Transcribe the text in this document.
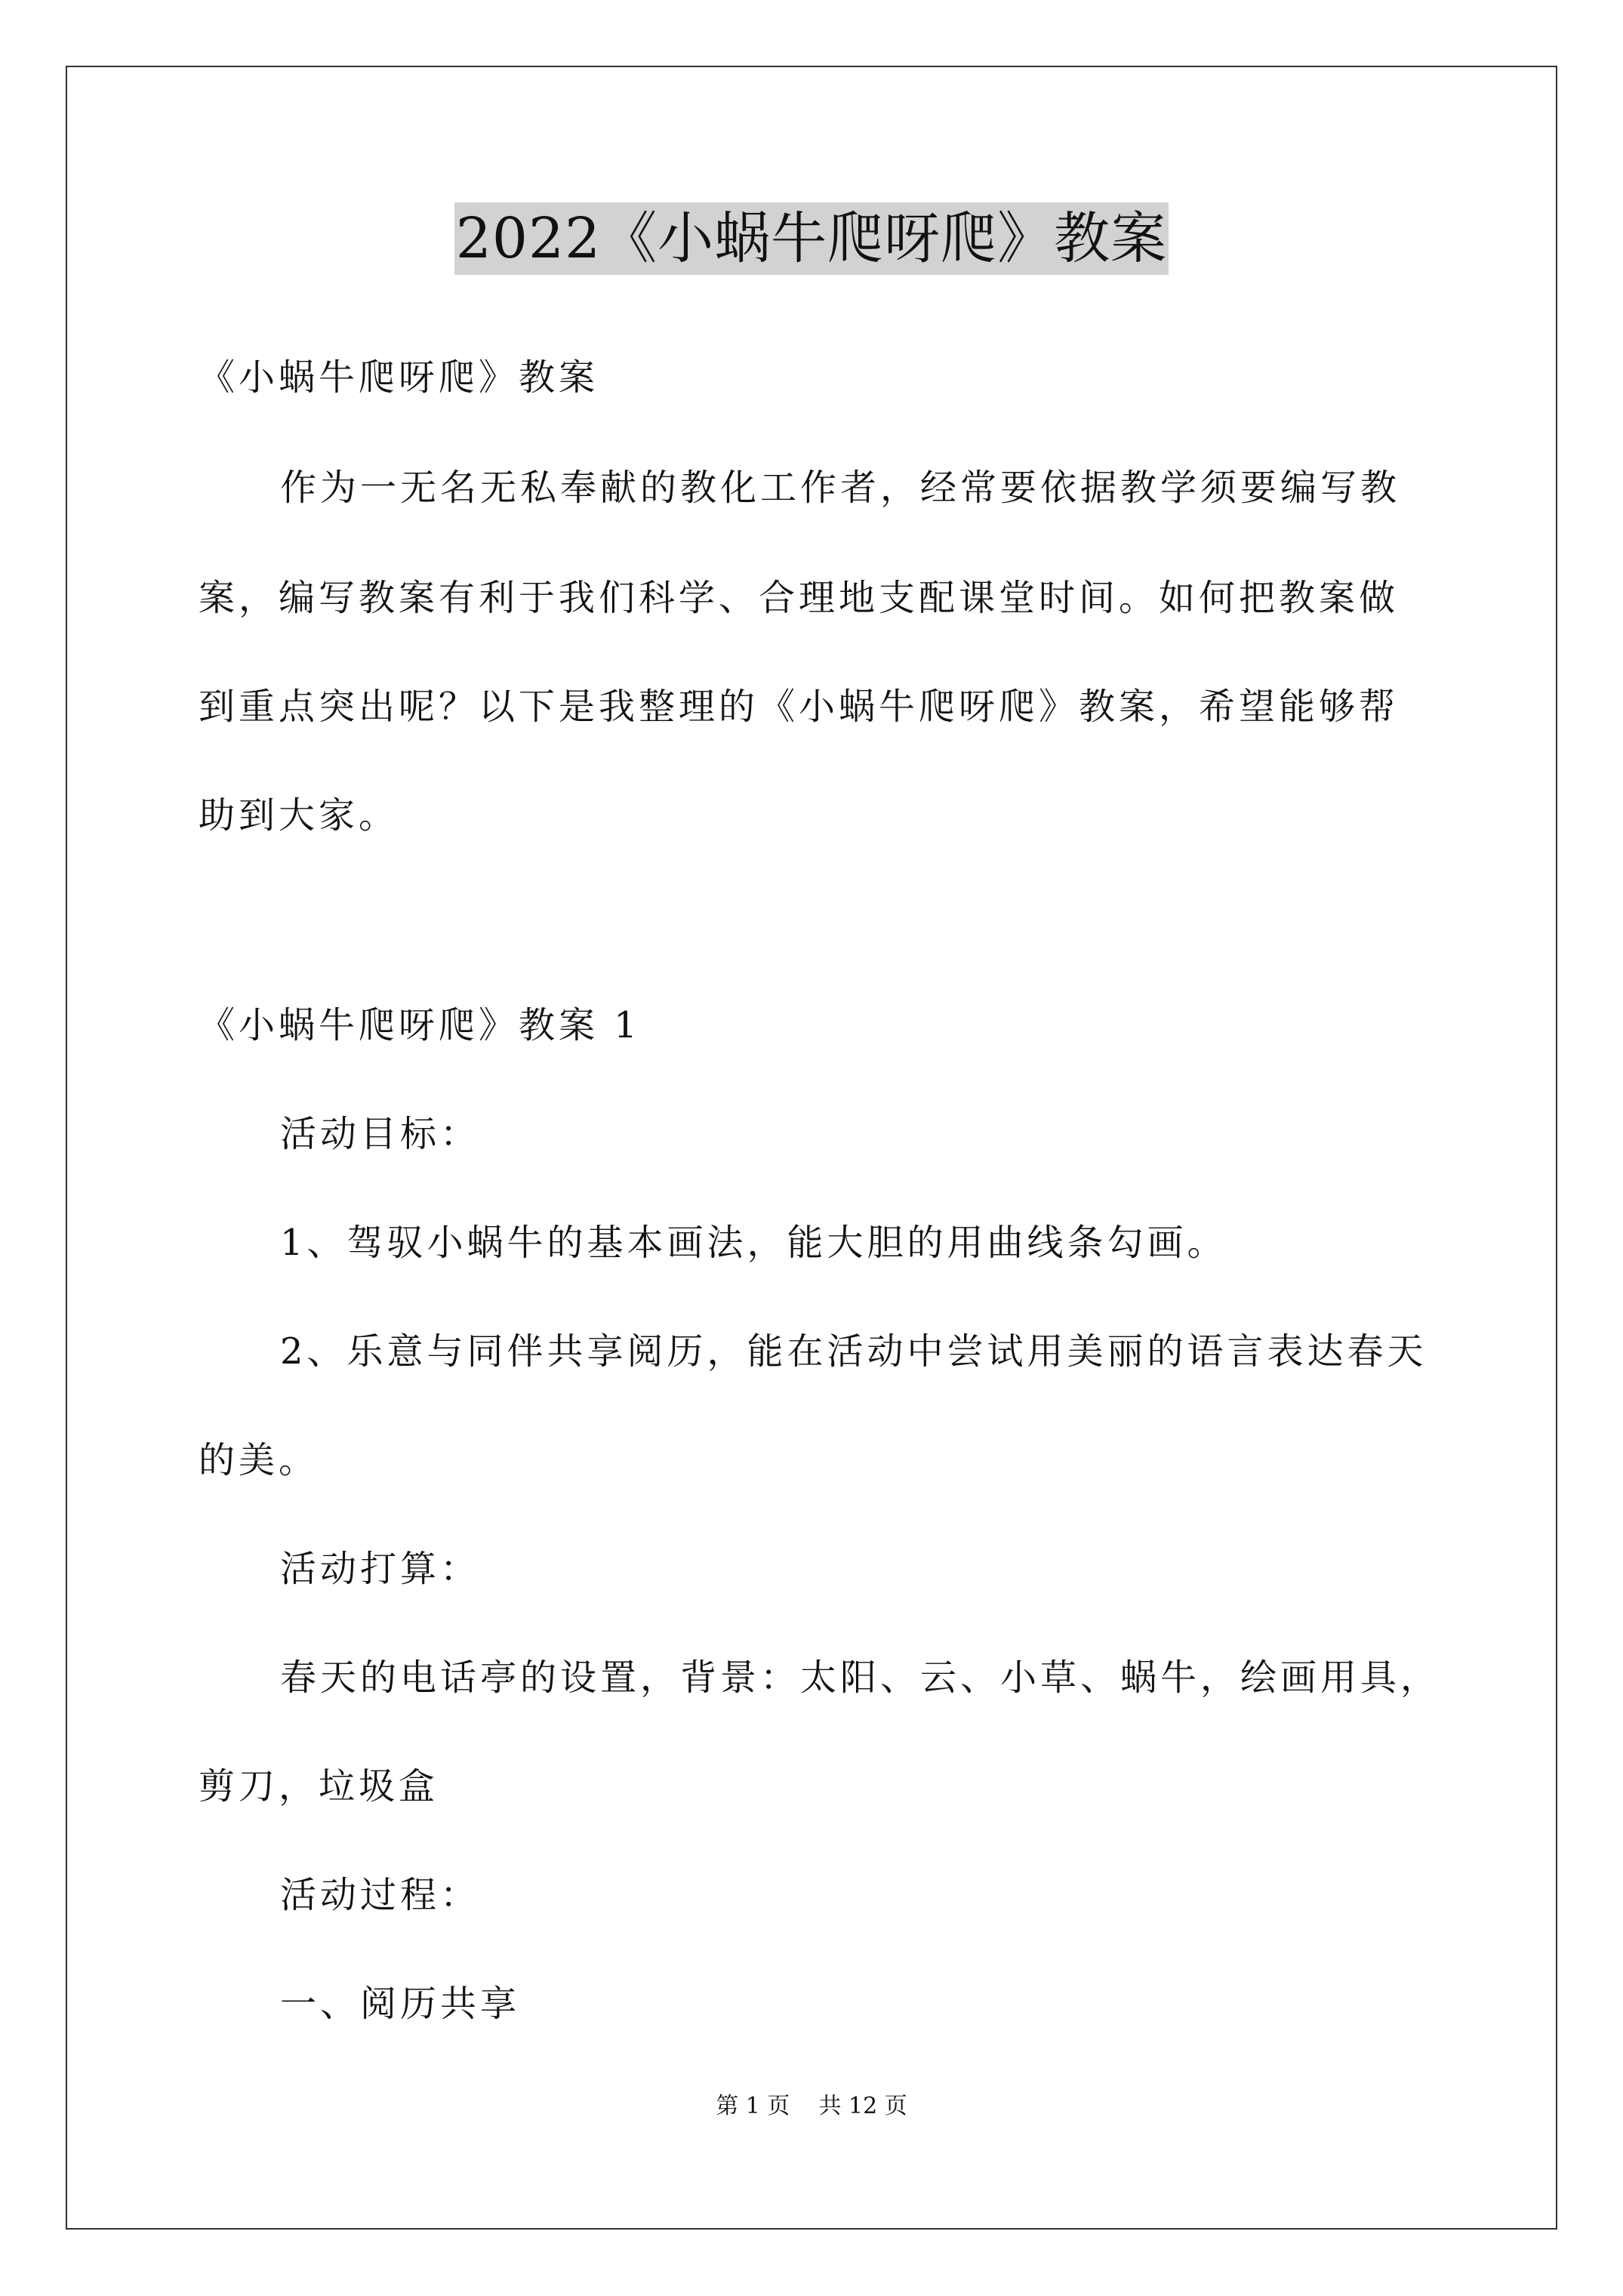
2022《小蜗牛爬呀爬》教案
《小蜗牛爬呀爬》教案
作为一无名无私奉献的教化工作者，经常要依据教学须要编写教
案，编写教案有利于我们科学、合理地支配课堂时间。如何把教案做
到重点突出呢？以下是我整理的《小蜗牛爬呀爬》教案，希望能够帮
助到大家。
《小蜗牛爬呀爬》教案 1
活动目标：
1、驾驭小蜗牛的基本画法，能大胆的用曲线条勾画。
2、乐意与同伴共享阅历，能在活动中尝试用美丽的语言表达春天
的美。
活动打算：
春天的电话亭的设置，背景：太阳、云、小草、蜗牛，绘画用具，
剪刀，垃圾盒
活动过程：
一、阅历共享
第 1 页    共 12 页
